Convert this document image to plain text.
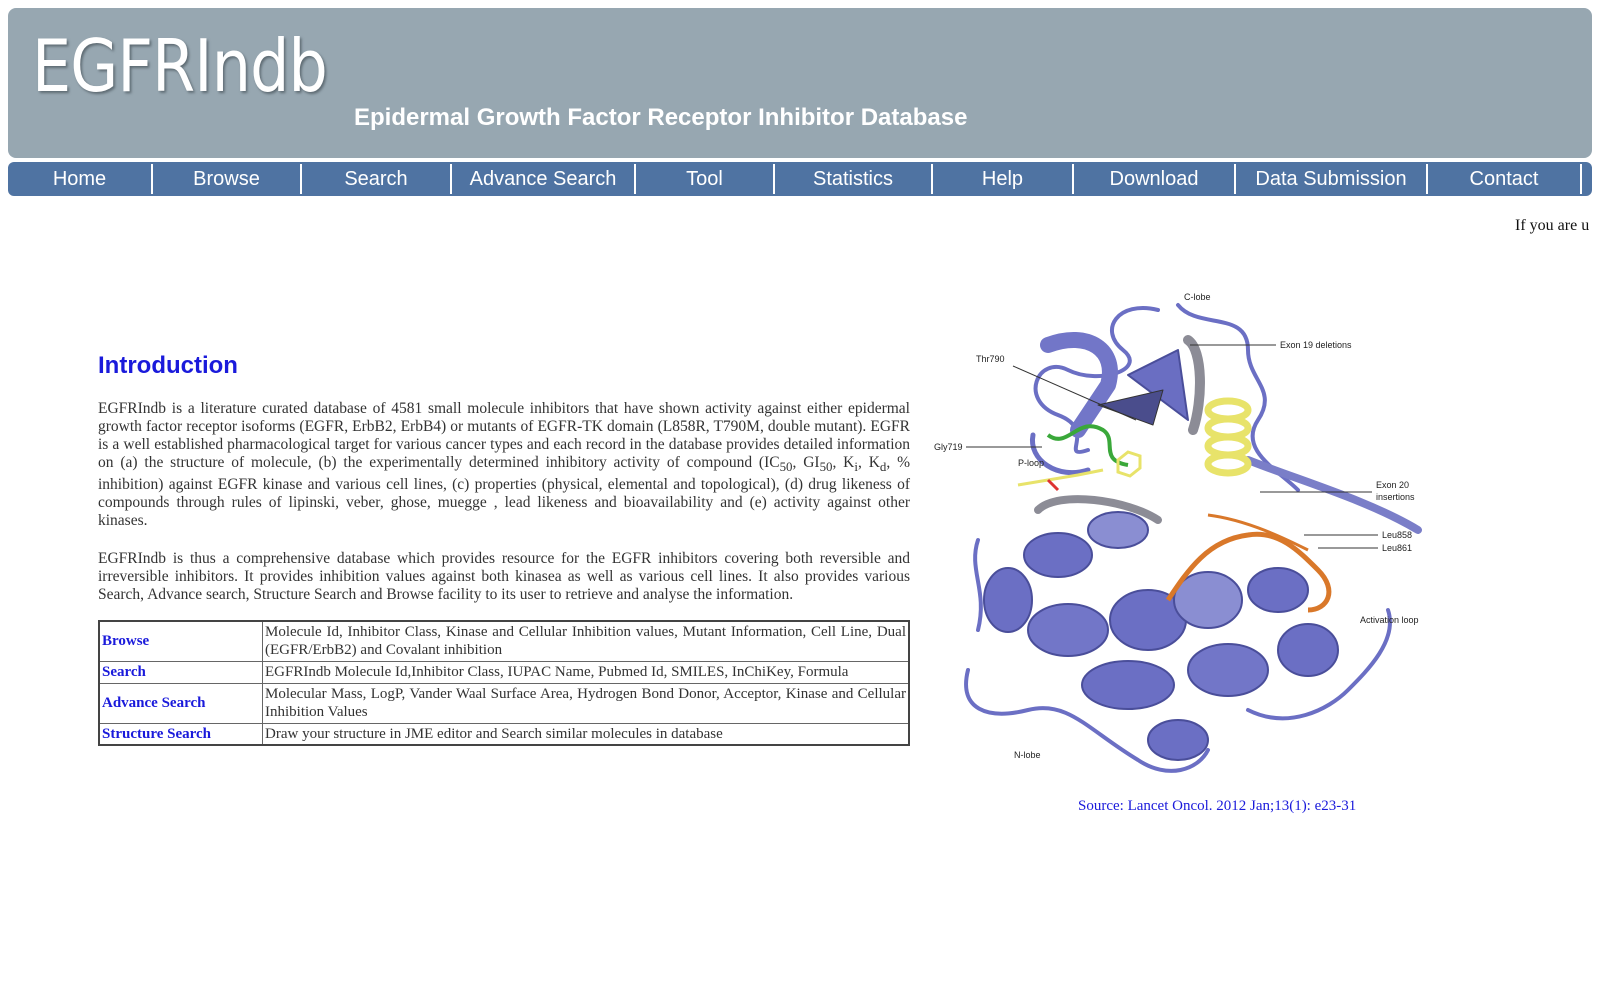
EGFRIndb
Epidermal Growth Factor Receptor Inhibitor Database
Home	Browse	Search	Advance Search	Tool	Statistics	Help	Download	Data Submission	Contact
If you are u
Introduction

EGFRIndb is a literature curated database of 4581 small molecule inhibitors that have shown activity against either epidermal growth factor receptor isoforms (EGFR, ErbB2, ErbB4) or mutants of EGFR-TK domain (L858R, T790M, double mutant). EGFR is a well established pharmacological target for various cancer types and each record in the database provides detailed information on (a) the structure of molecule, (b) the experimentally determined inhibitory activity of compound ($IC_{50}$, $GI_{50}$, $K_i$, $K_d$, % inhibition) against EGFR kinase and various cell lines, (c) properties (physical, elemental and topological), (d) drug likeness of compounds through rules of lipinski, veber, ghose, muegge , lead likeness and bioavailability and (e) activity against other kinases.

EGFRIndb is thus a comprehensive database which provides resource for the EGFR inhibitors covering both reversible and irreversible inhibitors. It provides inhibition values against both kinasea as well as various cell lines. It also provides various Search, Advance search, Structure Search and Browse facility to its user to retrieve and analyse the information.

Browse	Molecule Id, Inhibitor Class, Kinase and Cellular Inhibition values, Mutant Information, Cell Line, Dual (EGFR/ErbB2) and Covalant inhibition
Search	EGFRIndb Molecule Id,Inhibitor Class, IUPAC Name, Pubmed Id, SMILES, InChiKey, Formula
Advance Search	Molecular Mass, LogP, Vander Waal Surface Area, Hydrogen Bond Donor, Acceptor, Kinase and Cellular Inhibition Values
Structure Search	Draw your structure in JME editor and Search similar molecules in database
C-lobe
Thr790
Exon 19 deletions
Gly719
P-loop
Exon 20
insertions
Leu858
Leu861
Activation loop
N-lobe
Source: Lancet Oncol. 2012 Jan;13(1): e23-31
